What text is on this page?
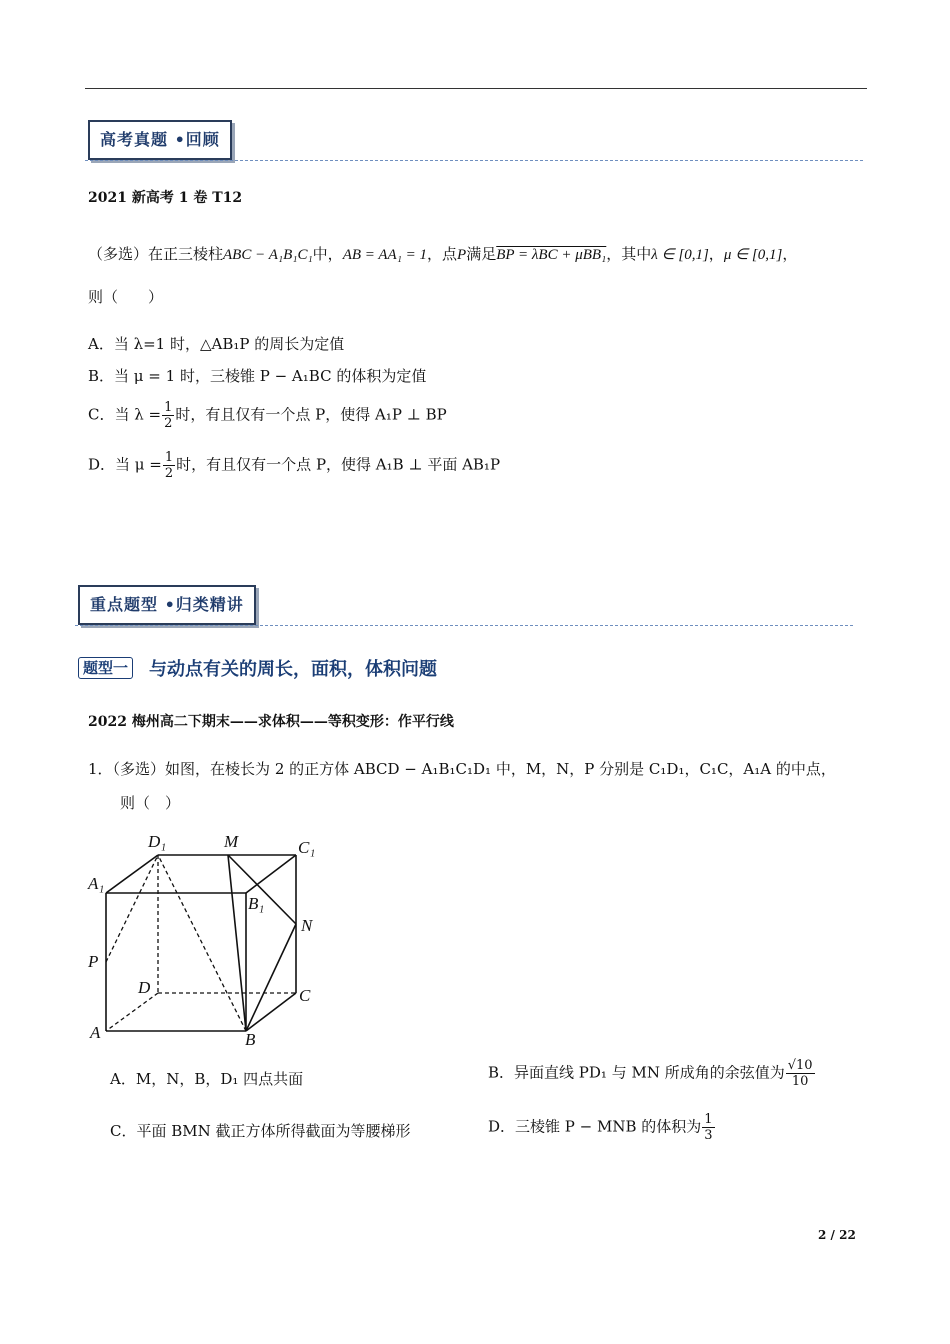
高考真题 •回顾
2021 新高考 1 卷 T12
（多选）在正三棱柱ABC − A₁B₁C₁中，AB = AA₁ = 1，点P满足BP = λBC + μBB₁，其中λ ∈ [0,1]，μ ∈ [0,1]，
则（　　）
A．当 λ=1 时，△AB₁P 的周长为定值
B．当 μ = 1 时，三棱锥 P − A₁BC 的体积为定值
C．当 $\lambda = \frac{1}{2}$ 时，有且仅有一个点 P，使得 A₁P ⊥ BP
D．当 $\mu = \frac{1}{2}$ 时，有且仅有一个点 P，使得 A₁B ⊥ 平面 AB₁P
重点题型 •归类精讲
题型一 与动点有关的周长，面积，体积问题
2022 梅州高二下期末——求体积——等积变形：作平行线
1．（多选）如图，在棱长为 2 的正方体 ABCD − A₁B₁C₁D₁ 中，M，N，P 分别是 C₁D₁，C₁C，A₁A 的中点，
则（　）
D₁	M	C₁
A₁
B₁
N
P
D	C
A	B
A．M，N，B，D₁ 四点共面	B．异面直线 PD₁ 与 MN 所成角的余弦值为 $\frac{√10}{10}$
C．平面 BMN 截正方体所得截面为等腰梯形	D．三棱锥 P − MNB 的体积为 $\frac{1}{3}$
2 / 22
